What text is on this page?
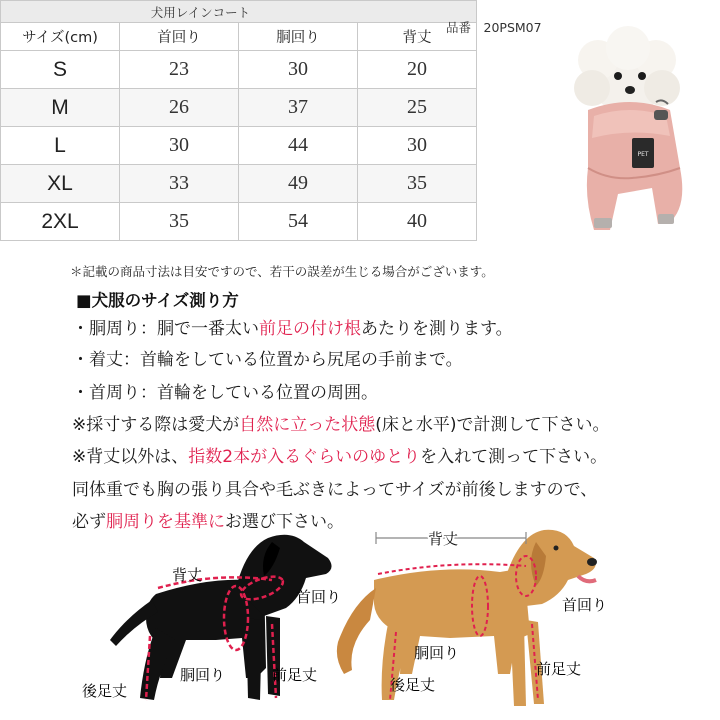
犬用レインコート
品番　20PSM07			

サイズ(cm)	首回り	胴回り	背丈
S	23	30	20
M	26	37	25
L	30	44	30
XL	33	49	35
2XL	35	54	40
PET
＊記載の商品寸法は目安ですので、若干の誤差が生じる場合がございます。
■犬服のサイズ測り方
・胴周り：胴で一番太い前足の付け根あたりを測ります。
・着丈：首輪をしている位置から尻尾の手前まで。
・首周り：首輪をしている位置の周囲。
※採寸する際は愛犬が自然に立った状態(床と水平)で計測して下さい。
※背丈以外は、指数2本が入るぐらいのゆとりを入れて測って下さい。
同体重でも胸の張り具合や毛ぶきによってサイズが前後しますので、
必ず胴周りを基準にお選び下さい。
背丈
首回り
胴回り	前足丈
後足丈
背丈
首回り
胴回り
前足丈
後足丈
